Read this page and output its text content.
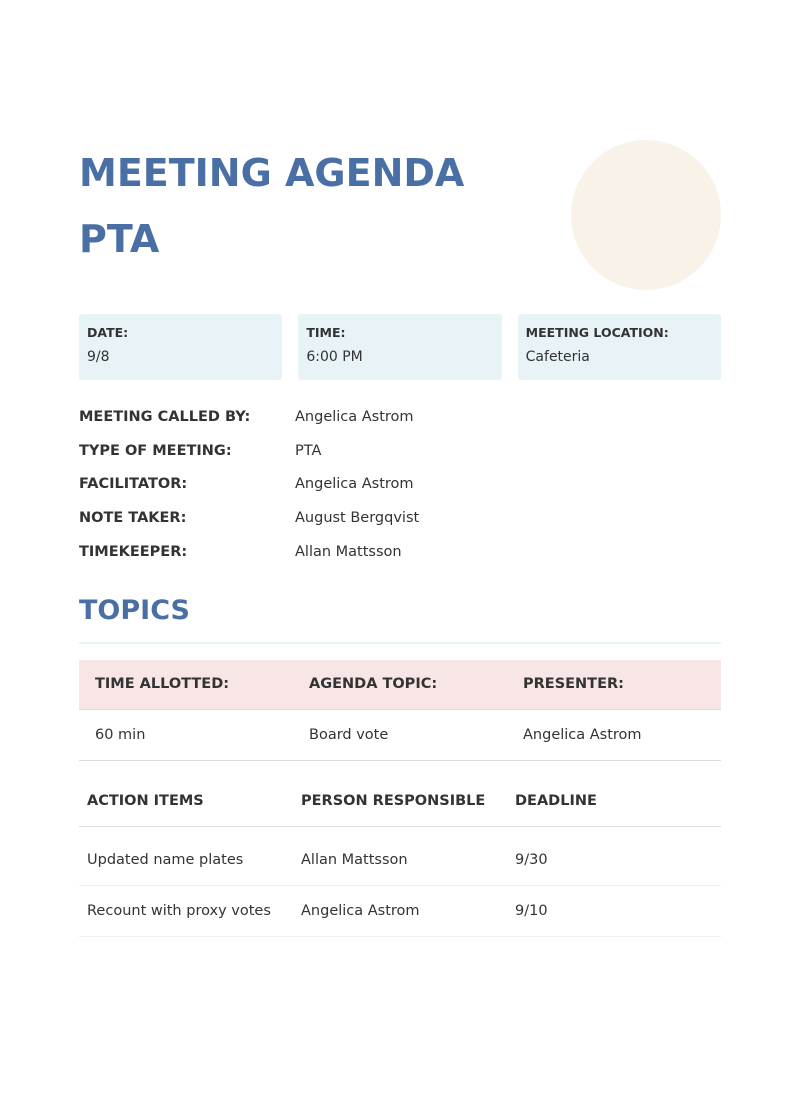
MEETING AGENDA
PTA
DATE:
9/8
TIME:
6:00 PM
MEETING LOCATION:
Cafeteria
MEETING CALLED BY:	Angelica Astrom
TYPE OF MEETING:	PTA
FACILITATOR:	Angelica Astrom
NOTE TAKER:	August Bergqvist
TIMEKEEPER:	Allan Mattsson
TOPICS
TIME ALLOTTED:	AGENDA TOPIC:	PRESENTER:
60 min	Board vote	Angelica Astrom
ACTION ITEMS	PERSON RESPONSIBLE	DEADLINE
Updated name plates	Allan Mattsson	9/30
Recount with proxy votes	Angelica Astrom	9/10
